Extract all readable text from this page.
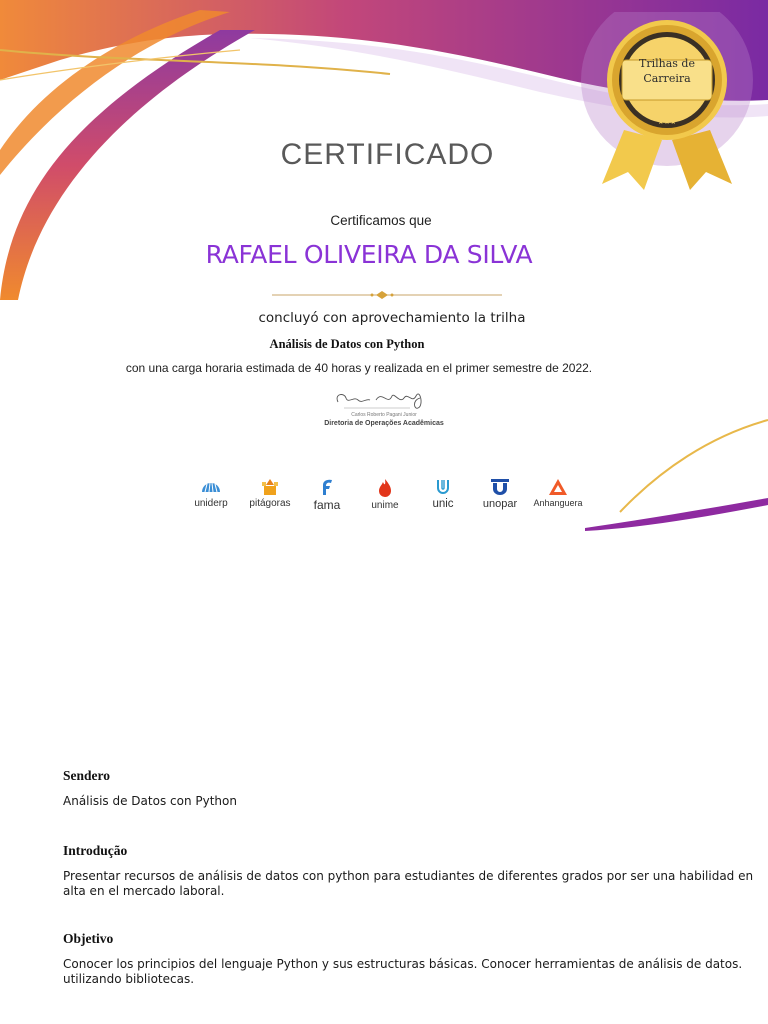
★★★
★★★
Trilhas de
Carreira
CERTIFICADO
Certificamos que
RAFAEL OLIVEIRA DA SILVA
concluyó con aprovechamiento la trilha
Análisis de Datos con Python
con una carga horaria estimada de 40 horas y realizada en el primer semestre de 2022.
Carlos Roberto Pagani Junior
Diretoria de Operações Acadêmicas
uniderp	pitágoras	fama	unime	unic	unopar	Anhanguera

Sendero

Análisis de Datos con Python

Introdução

Presentar recursos de análisis de datos con python para estudiantes de diferentes grados por ser una habilidad en alta en el mercado laboral.

Objetivo

Conocer los principios del lenguaje Python y sus estructuras básicas. Conocer herramientas de análisis de datos. utilizando bibliotecas.
